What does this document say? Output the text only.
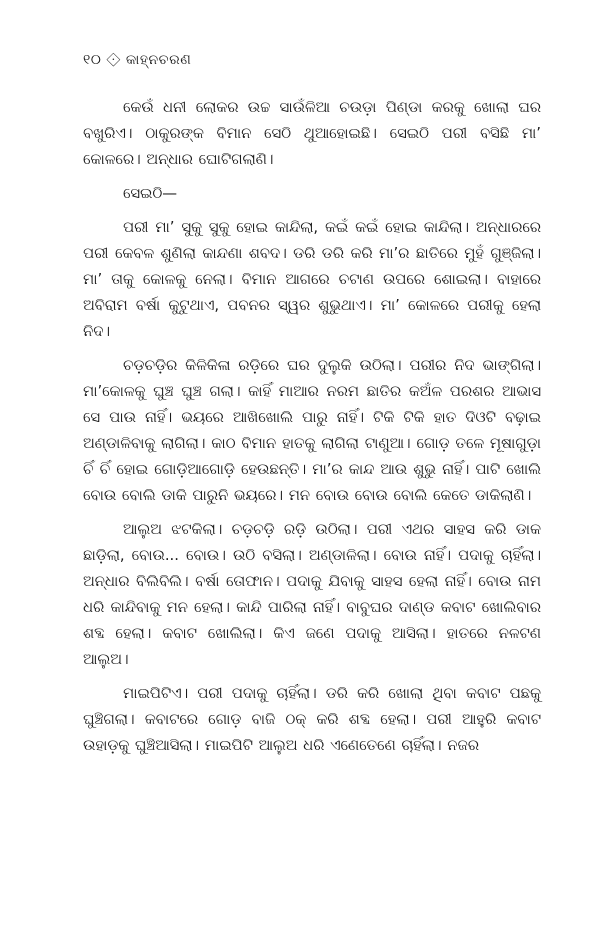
୧୦ ⟐ କାହ୍ନଚରଣ

କେଉଁ ଧନୀ ଲୋକର ଉଚ୍ଚ ସାଉଁଳିଆ ଚଉଡ଼ା ପିଣ୍ଡା କରକୁ ଖୋଲା ଘର ବଖୁରିଏ। ଠାକୁରଙ୍କ ବିମାନ ସେଠି ଥୁଆହୋଇଛି। ସେଇଠି ପରୀ ବସିଛି ମା’ କୋଳରେ। ଅନ୍ଧାର ଘୋଟିଗଲାଣି।

ସେଇଠି—

ପରୀ ମା’ ସୁକୁ ସୁକୁ ହୋଇ କାନ୍ଦିଲା, କଇଁ କଇଁ ହୋଇ କାନ୍ଦିଲା। ଅନ୍ଧାରରେ ପରୀ କେବଳ ଶୁଣିଲା କାନ୍ଦଣା ଶବଦ। ଡରି ଡରି କରି ମା’ର ଛାତିରେ ମୁହଁ ଗୁଞ୍ଜିଲା। ମା’ ତାକୁ କୋଳକୁ ନେଲା। ବିମାନ ଆଗରେ ଚଟାଣ ଉପରେ ଶୋଇଲା। ବାହାରେ ଅବିରାମ ବର୍ଷା କୁଟୁଥାଏ, ପବନର ସ୍ୱର ଶୁଭୁଥାଏ। ମା’ କୋଳରେ ପରୀକୁ ହେଲା ନିଦ।

ଚଡ଼ଚଡ଼ିର କିଳିକିଳା ରଡ଼ିରେ ଘର ଦୁଲୁକି ଉଠିଲା। ପରୀର ନିଦ ଭାଙ୍ଗିଲା। ମା’କୋଳକୁ ଘୁଞ୍ଚ ଘୁଞ୍ଚ ଗଲା। କାହିଁ ମାଆର ନରମ ଛାତିର କଅଁଳ ପରଶର ଆଭାସ ସେ ପାଉ ନାହିଁ। ଭୟରେ ଆଖିଖୋଲି ପାରୁ ନାହିଁ। ଟିକି ଟିକି ହାତ ଦିଓଟି ବଢ଼ାଇ ଅଣ୍ଡାଳିବାକୁ ଲାଗିଲା। କାଠ ବିମାନ ହାତକୁ ଲାଗିଲା ଟାଣୁଆ। ଗୋଡ଼ ତଳେ ମୂଷାଗୁଡ଼ା ଚିଁ ଚିଁ ହୋଇ ଗୋଡ଼ିଆଗୋଡ଼ି ହେଉଛନ୍ତି। ମା’ର କାନ୍ଦ ଆଉ ଶୁଭୁ ନାହିଁ। ପାଟି ଖୋଲି ବୋଉ ବୋଲି ଡାକି ପାରୁନି ଭୟରେ। ମନ ବୋଉ ବୋଉ ବୋଲି କେତେ ଡାକିଲାଣି।

ଆଲୁଅ ଝଟକିଲା। ଚଡ଼ଚଡ଼ି ରଡ଼ି ଉଠିଲା। ପରୀ ଏଥର ସାହସ କରି ଡାକ ଛାଡ଼ିଲା, ବୋଉ... ବୋଉ। ଉଠି ବସିଲା। ଅଣ୍ଡାଳିଲା। ବୋଉ ନାହିଁ। ପଦାକୁ ଚାହିଁଲା। ଅନ୍ଧାର ବିଲିବିଲି। ବର୍ଷା ତୋଫାନ। ପଦାକୁ ଯିବାକୁ ସାହସ ହେଲା ନାହିଁ। ବୋଉ ନାମ ଧରି କାନ୍ଦିବାକୁ ମନ ହେଲା। କାନ୍ଦି ପାରିଲା ନାହିଁ। ବାବୁଘର ଦାଣ୍ଡ କବାଟ ଖୋଲିବାର ଶବ୍ଦ ହେଲା। କବାଟ ଖୋଲିଲା। କିଏ ଜଣେ ପଦାକୁ ଆସିଲା। ହାତରେ ନଳଟଣ ଆଲୁଅ।

ମାଇପିଟିଏ। ପରୀ ପଦାକୁ ଚାହିଁଲା। ଡରି କରି ଖୋଲା ଥିବା କବାଟ ପଛକୁ ଘୁଞ୍ଚିଗଲା। କବାଟରେ ଗୋଡ଼ ବାଜି ଠକ୍ କରି ଶବ୍ଦ ହେଲା। ପରୀ ଆହୁରି କବାଟ ଉହାଡ଼କୁ ଘୁଞ୍ଚିଆସିଲା। ମାଇପିଟି ଆଲୁଅ ଧରି ଏଣେତେଣେ ଚାହିଁଲା। ନଜର
